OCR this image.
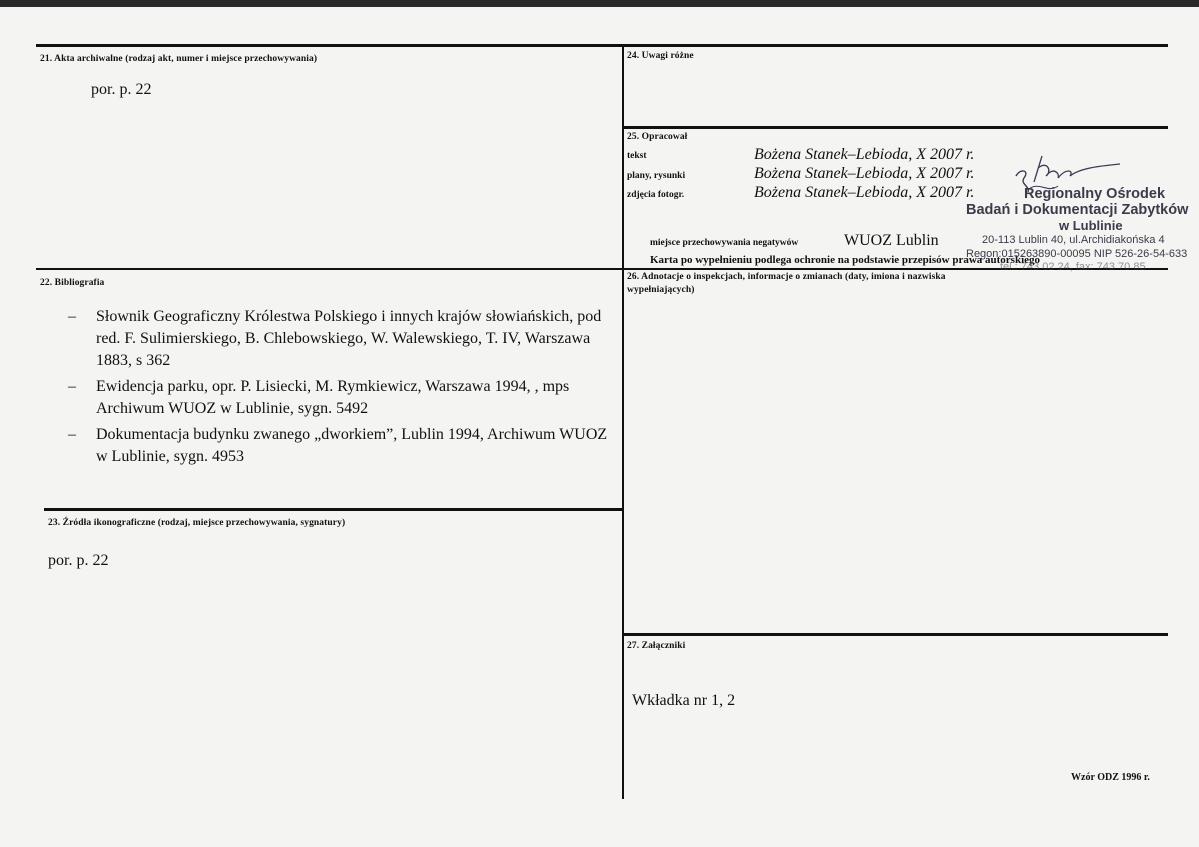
21. Akta archiwalne (rodzaj akt, numer i miejsce przechowywania)
por. p. 22
22. Bibliografia
– Słownik Geograficzny Królestwa Polskiego i innych krajów słowiańskich, pod red. F. Sulimierskiego, B. Chlebowskiego, W. Walewskiego, T. IV, Warszawa 1883, s 362
– Ewidencja parku, opr. P. Lisiecki, M. Rymkiewicz, Warszawa 1994, , mps Archiwum WUOZ w Lublinie, sygn. 5492
– Dokumentacja budynku zwanego „dworkiem”, Lublin 1994, Archiwum WUOZ w Lublinie, sygn. 4953
23. Źródła ikonograficzne (rodzaj, miejsce przechowywania, sygnatury)
por. p. 22
24. Uwagi różne
25. Opracował
tekst	Bożena Stanek–Lebioda, X 2007 r.
plany, rysunki	Bożena Stanek–Lebioda, X 2007 r.
zdjęcia fotogr.	Bożena Stanek–Lebioda, X 2007 r.
miejsce przechowywania negatywów	WUOZ Lublin
Karta po wypełnieniu podlega ochronie na podstawie przepisów prawa autorskiego
Regionalny Ośrodek
Badań i Dokumentacji Zabytków
w Lublinie
20-113 Lublin 40, ul.Archidiakońska 4
Regon:015263890-00095 NIP 526-26-54-633
tel.: 743 02 24, fax: 743 70 85
26. Adnotacje o inspekcjach, informacje o zmianach (daty, imiona i nazwiska
wypełniających)
27. Załączniki
Wkładka nr 1, 2
Wzór ODZ 1996 r.
